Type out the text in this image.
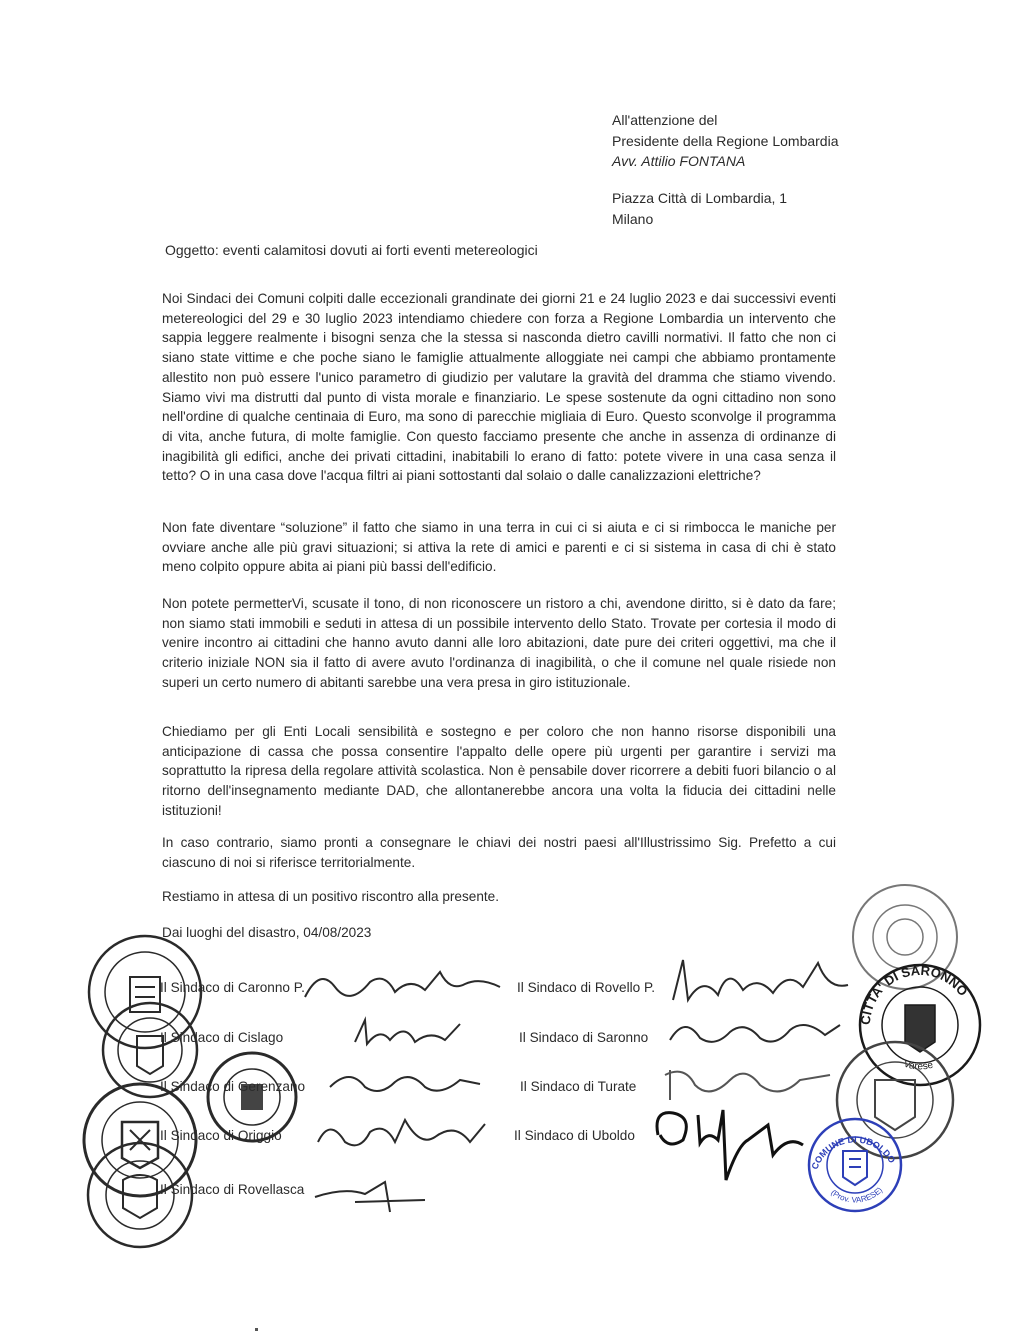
All'attenzione del
Presidente della Regione Lombardia
Avv. Attilio FONTANA
Piazza Città di Lombardia, 1
Milano
Oggetto: eventi calamitosi dovuti ai forti eventi metereologici

Noi Sindaci dei Comuni colpiti dalle eccezionali grandinate dei giorni 21 e 24 luglio 2023 e dai successivi eventi metereologici del 29 e 30 luglio 2023 intendiamo chiedere con forza a Regione Lombardia un intervento che sappia leggere realmente i bisogni senza che la stessa si nasconda dietro cavilli normativi. Il fatto che non ci siano state vittime e che poche siano le famiglie attualmente alloggiate nei campi che abbiamo prontamente allestito non può essere l'unico parametro di giudizio per valutare la gravità del dramma che stiamo vivendo. Siamo vivi ma distrutti dal punto di vista morale e finanziario. Le spese sostenute da ogni cittadino non sono nell'ordine di qualche centinaia di Euro, ma sono di parecchie migliaia di Euro. Questo sconvolge il programma di vita, anche futura, di molte famiglie. Con questo facciamo presente che anche in assenza di ordinanze di inagibilità gli edifici, anche dei privati cittadini, inabitabili lo erano di fatto: potete vivere in una casa senza il tetto? O in una casa dove l'acqua filtri ai piani sottostanti dal solaio o dalle canalizzazioni elettriche?

Non fate diventare “soluzione” il fatto che siamo in una terra in cui ci si aiuta e ci si rimbocca le maniche per ovviare anche alle più gravi situazioni; si attiva la rete di amici e parenti e ci si sistema in casa di chi è stato meno colpito oppure abita ai piani più bassi dell'edificio.

Non potete permetterVi, scusate il tono, di non riconoscere un ristoro a chi, avendone diritto, si è dato da fare; non siamo stati immobili e seduti in attesa di un possibile intervento dello Stato. Trovate per cortesia il modo di venire incontro ai cittadini che hanno avuto danni alle loro abitazioni, date pure dei criteri oggettivi, ma che il criterio iniziale NON sia il fatto di avere avuto l'ordinanza di inagibilità, o che il comune nel quale risiede non superi un certo numero di abitanti sarebbe una vera presa in giro istituzionale.

Chiediamo per gli Enti Locali sensibilità e sostegno e per coloro che non hanno risorse disponibili una anticipazione di cassa che possa consentire l'appalto delle opere più urgenti per garantire i servizi ma soprattutto la ripresa della regolare attività scolastica. Non è pensabile dover ricorrere a debiti fuori bilancio o al ritorno dell'insegnamento mediante DAD, che allontanerebbe ancora una volta la fiducia dei cittadini nelle istituzioni!

In caso contrario, siamo pronti a consegnare le chiavi dei nostri paesi all'Illustrissimo Sig. Prefetto a cui ciascuno di noi si riferisce territorialmente.

Restiamo in attesa di un positivo riscontro alla presente.

Dai luoghi del disastro, 04/08/2023
Il Sindaco di Caronno P.
Il Sindaco di Cislago
Il Sindaco di Gerenzano
Il Sindaco di Origgio
Il Sindaco di Rovellasca
Il Sindaco di Rovello P.
Il Sindaco di Saronno
Il Sindaco di Turate
Il Sindaco di Uboldo
CITTA' DI SARONNO
Varese
COMUNE DI UBOLDO
(Prov. VARESE)
